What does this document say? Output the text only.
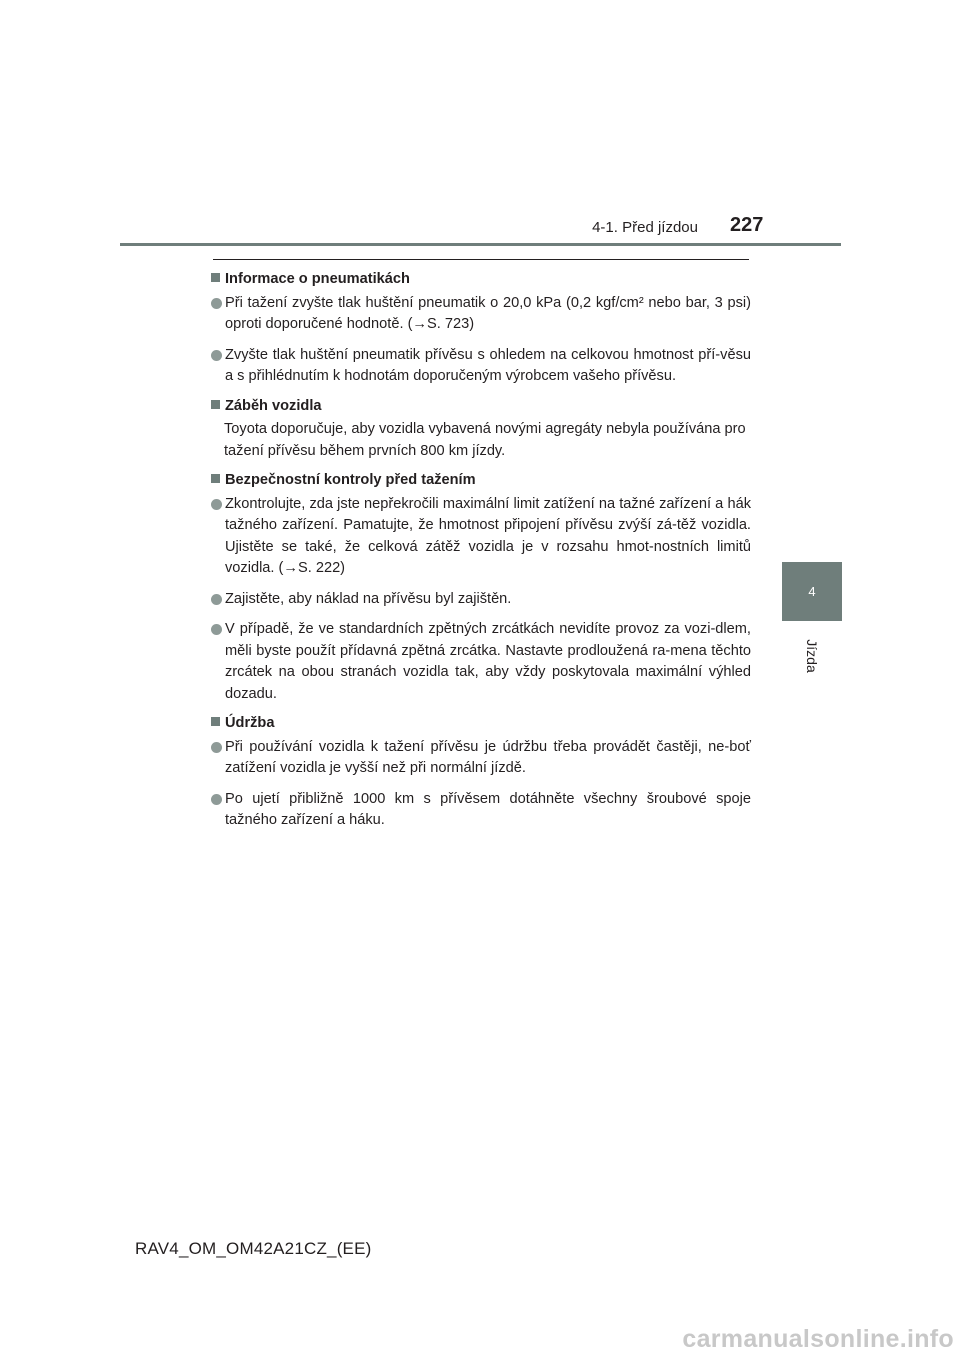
4-1. Před jízdou 227
4
Jízda
Informace o pneumatikách
Při tažení zvyšte tlak huštění pneumatik o 20,0 kPa (0,2 kgf/cm² nebo bar, 3 psi) oproti doporučené hodnotě. (→S. 723)
Zvyšte tlak huštění pneumatik přívěsu s ohledem na celkovou hmotnost pří-věsu a s přihlédnutím k hodnotám doporučeným výrobcem vašeho přívěsu.
Záběh vozidla
Toyota doporučuje, aby vozidla vybavená novými agregáty nebyla používána pro tažení přívěsu během prvních 800 km jízdy.
Bezpečnostní kontroly před tažením
Zkontrolujte, zda jste nepřekročili maximální limit zatížení na tažné zařízení a hák tažného zařízení. Pamatujte, že hmotnost připojení přívěsu zvýší zá-těž vozidla. Ujistěte se také, že celková zátěž vozidla je v rozsahu hmot-nostních limitů vozidla. (→S. 222)
Zajistěte, aby náklad na přívěsu byl zajištěn.
V případě, že ve standardních zpětných zrcátkách nevidíte provoz za vozi-dlem, měli byste použít přídavná zpětná zrcátka. Nastavte prodloužená ra-mena těchto zrcátek na obou stranách vozidla tak, aby vždy poskytovala maximální výhled dozadu.
Údržba
Při používání vozidla k tažení přívěsu je údržbu třeba provádět častěji, ne-boť zatížení vozidla je vyšší než při normální jízdě.
Po ujetí přibližně 1000 km s přívěsem dotáhněte všechny šroubové spoje tažného zařízení a háku.
RAV4_OM_OM42A21CZ_(EE)
carmanualsonline.info
